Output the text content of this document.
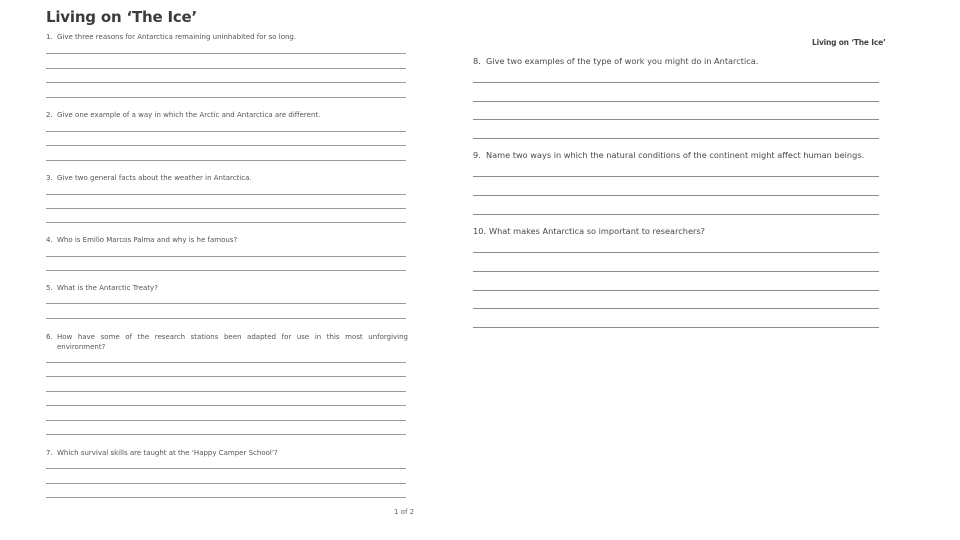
Living on ‘The Ice’
Living on ‘The Ice’
1. Give three reasons for Antarctica remaining uninhabited for so long.
2. Give one example of a way in which the Arctic and Antarctica are different.
3. Give two general facts about the weather in Antarctica.
4. Who is Emilio Marcos Palma and why is he famous?
5. What is the Antarctic Treaty?
6. How have some of the research stations been adapted for use in this most unforgiving environment?
7. Which survival skills are taught at the ‘Happy Camper School’?
1 of 2
8. Give two examples of the type of work you might do in Antarctica.
9. Name two ways in which the natural conditions of the continent might affect human beings.
10. What makes Antarctica so important to researchers?
